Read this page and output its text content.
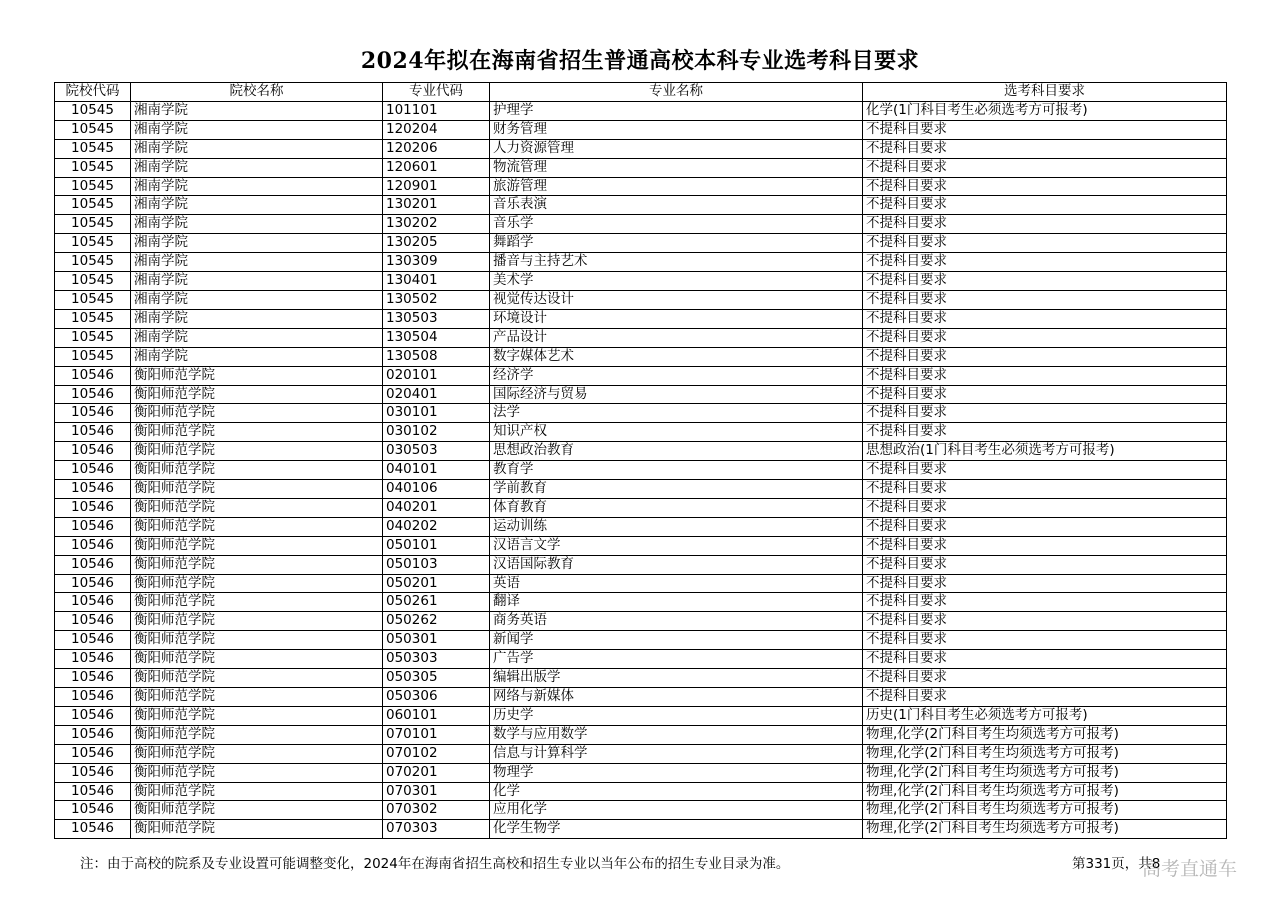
2024年拟在海南省招生普通高校本科专业选考科目要求
院校代码	院校名称	专业代码	专业名称	选考科目要求
10545	湘南学院	101101	护理学	化学(1门科目考生必须选考方可报考)
10545	湘南学院	120204	财务管理	不提科目要求
10545	湘南学院	120206	人力资源管理	不提科目要求
10545	湘南学院	120601	物流管理	不提科目要求
10545	湘南学院	120901	旅游管理	不提科目要求
10545	湘南学院	130201	音乐表演	不提科目要求
10545	湘南学院	130202	音乐学	不提科目要求
10545	湘南学院	130205	舞蹈学	不提科目要求
10545	湘南学院	130309	播音与主持艺术	不提科目要求
10545	湘南学院	130401	美术学	不提科目要求
10545	湘南学院	130502	视觉传达设计	不提科目要求
10545	湘南学院	130503	环境设计	不提科目要求
10545	湘南学院	130504	产品设计	不提科目要求
10545	湘南学院	130508	数字媒体艺术	不提科目要求
10546	衡阳师范学院	020101	经济学	不提科目要求
10546	衡阳师范学院	020401	国际经济与贸易	不提科目要求
10546	衡阳师范学院	030101	法学	不提科目要求
10546	衡阳师范学院	030102	知识产权	不提科目要求
10546	衡阳师范学院	030503	思想政治教育	思想政治(1门科目考生必须选考方可报考)
10546	衡阳师范学院	040101	教育学	不提科目要求
10546	衡阳师范学院	040106	学前教育	不提科目要求
10546	衡阳师范学院	040201	体育教育	不提科目要求
10546	衡阳师范学院	040202	运动训练	不提科目要求
10546	衡阳师范学院	050101	汉语言文学	不提科目要求
10546	衡阳师范学院	050103	汉语国际教育	不提科目要求
10546	衡阳师范学院	050201	英语	不提科目要求
10546	衡阳师范学院	050261	翻译	不提科目要求
10546	衡阳师范学院	050262	商务英语	不提科目要求
10546	衡阳师范学院	050301	新闻学	不提科目要求
10546	衡阳师范学院	050303	广告学	不提科目要求
10546	衡阳师范学院	050305	编辑出版学	不提科目要求
10546	衡阳师范学院	050306	网络与新媒体	不提科目要求
10546	衡阳师范学院	060101	历史学	历史(1门科目考生必须选考方可报考)
10546	衡阳师范学院	070101	数学与应用数学	物理,化学(2门科目考生均须选考方可报考)
10546	衡阳师范学院	070102	信息与计算科学	物理,化学(2门科目考生均须选考方可报考)
10546	衡阳师范学院	070201	物理学	物理,化学(2门科目考生均须选考方可报考)
10546	衡阳师范学院	070301	化学	物理,化学(2门科目考生均须选考方可报考)
10546	衡阳师范学院	070302	应用化学	物理,化学(2门科目考生均须选考方可报考)
10546	衡阳师范学院	070303	化学生物学	物理,化学(2门科目考生均须选考方可报考)
注：由于高校的院系及专业设置可能调整变化，2024年在海南省招生高校和招生专业以当年公布的招生专业目录为准。	第331页，共8
高考直通车
